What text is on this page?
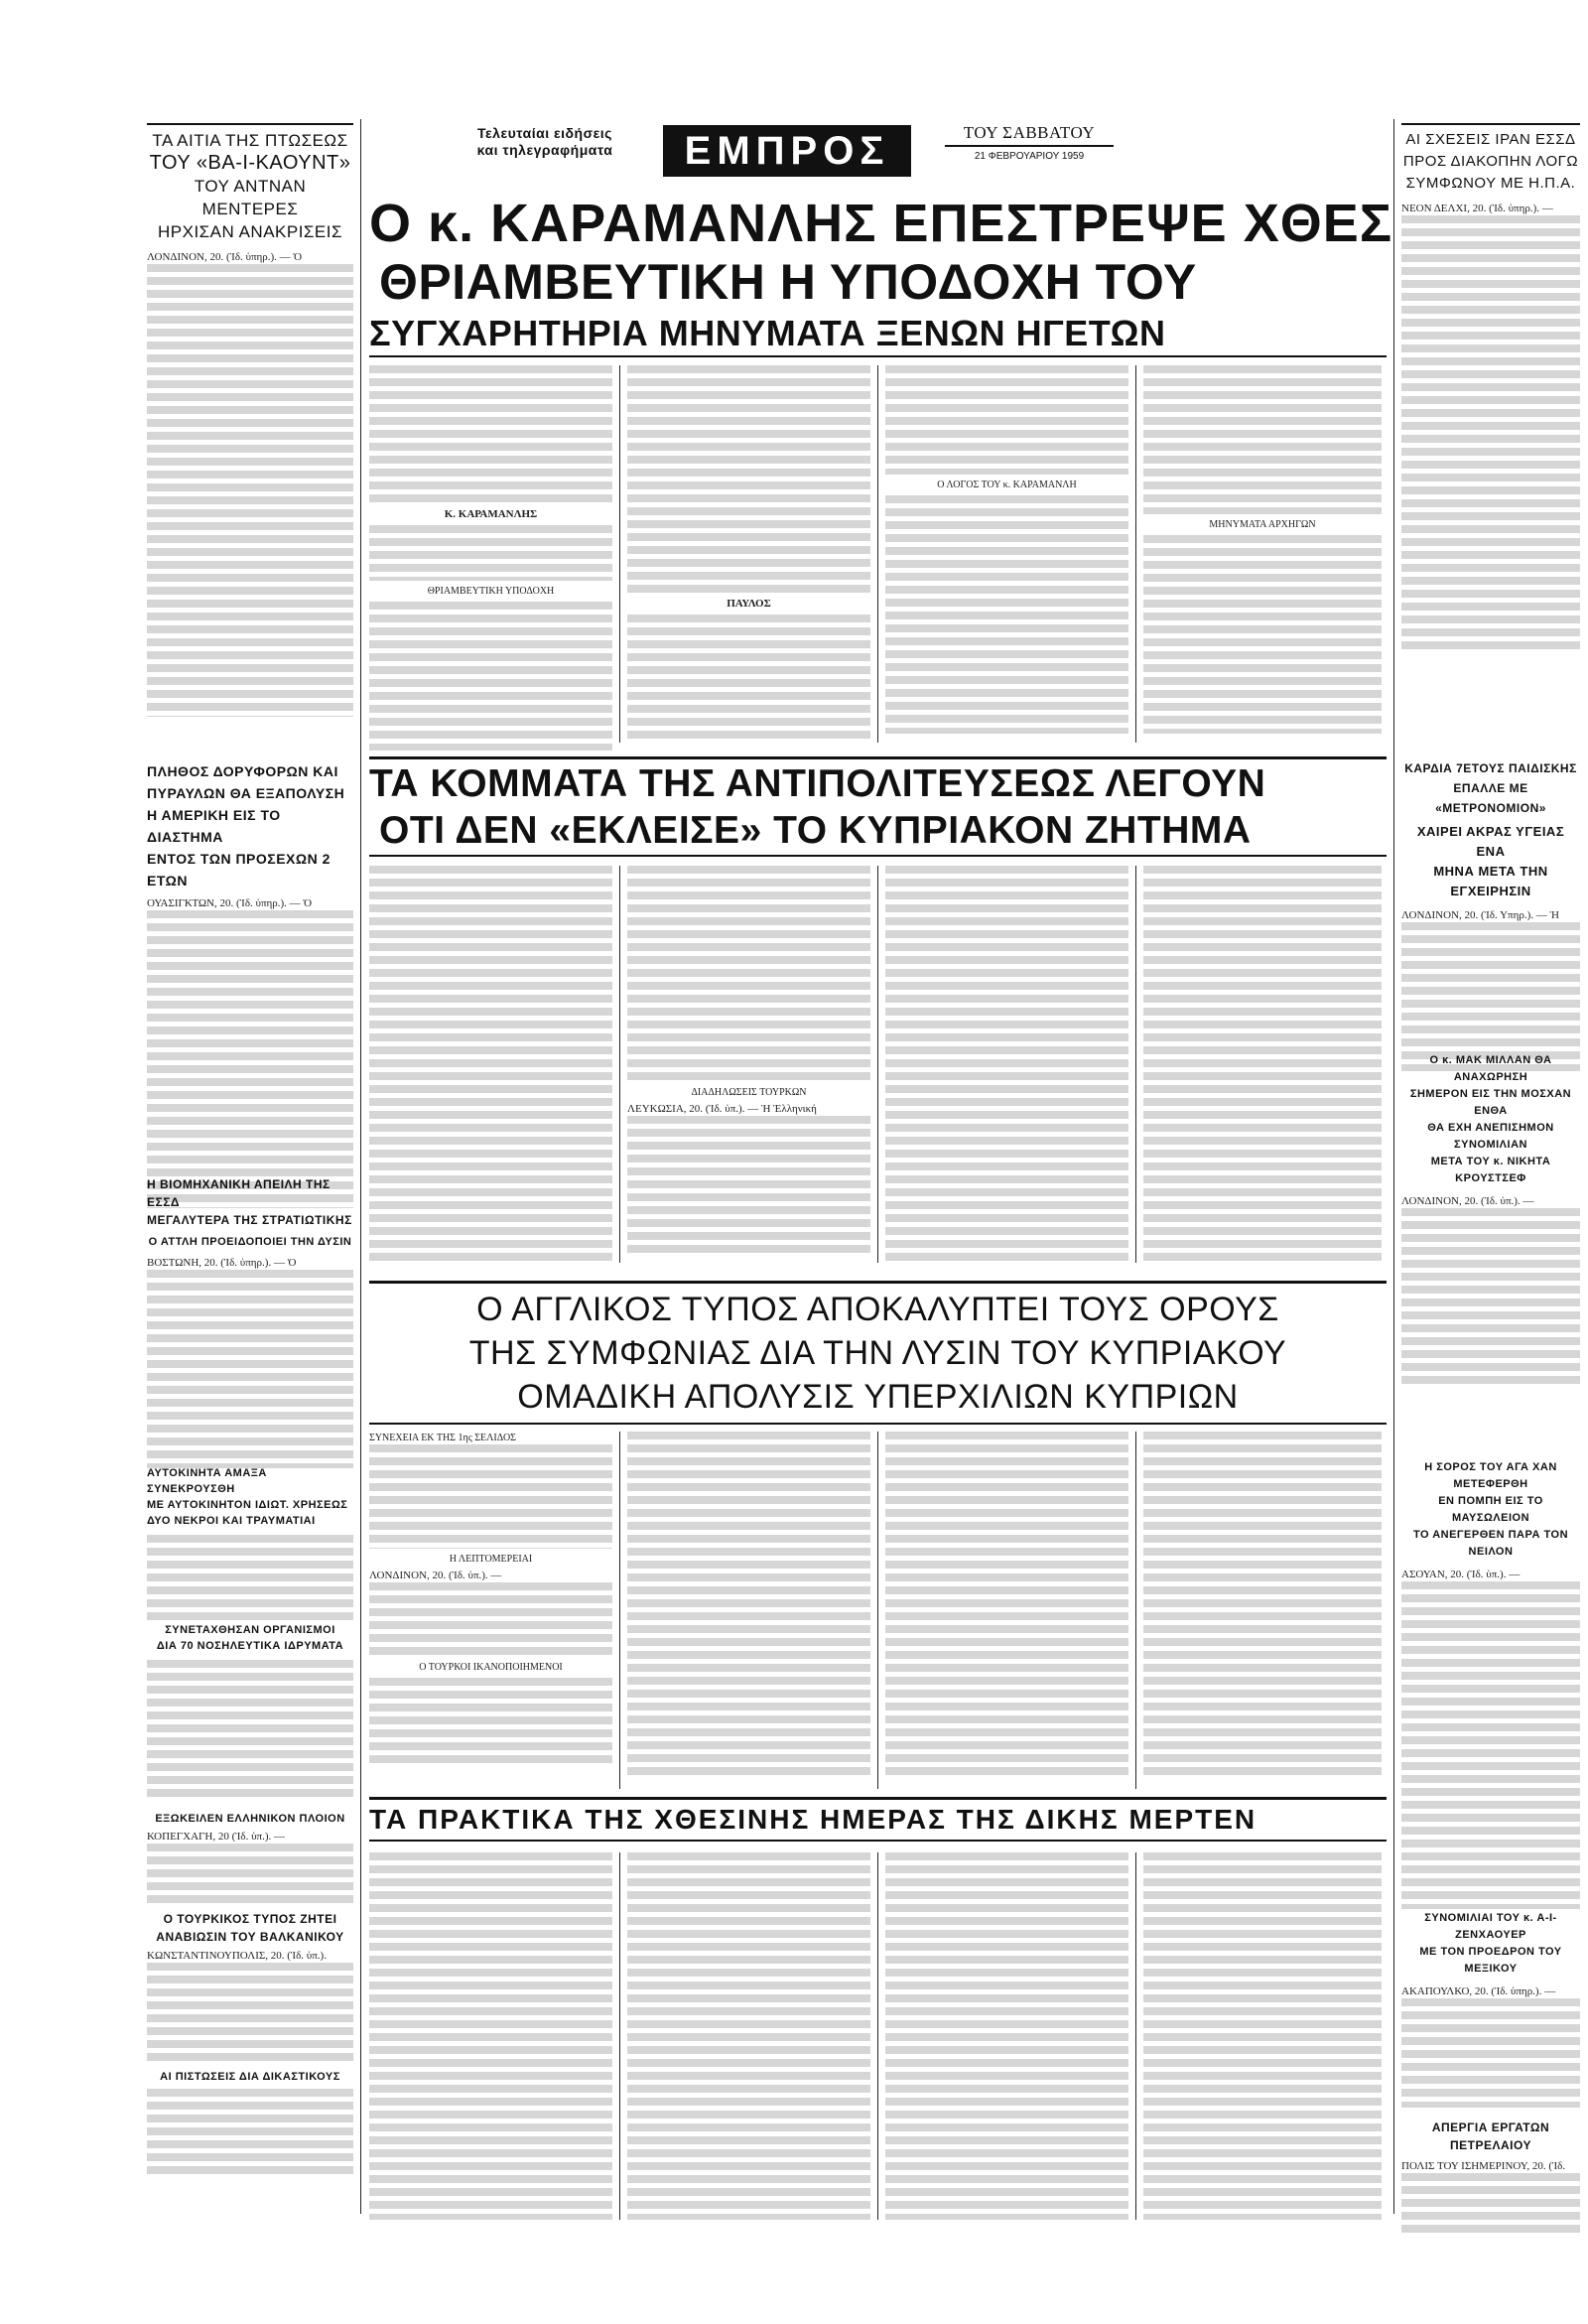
Τελευταίαι ειδήσεις
και τηλεγραφήματα	ΕΜΠΡΟΣ	ΤΟΥ ΣΑΒΒΑΤΟΥ
21 ΦΕΒΡΟΥΑΡΙΟΥ 1959
ΤΑ ΑΙΤΙΑ ΤΗΣ ΠΤΩΣΕΩΣ
ΤΟΥ «ΒΑ-Ι-ΚΑΟΥΝΤ»
ΤΟΥ ΑΝΤΝΑΝ ΜΕΝΤΕΡΕΣ
ΗΡΧΙΣΑΝ ΑΝΑΚΡΙΣΕΙΣ
ΛΟΝΔΙΝΟΝ, 20. (Ἰδ. ὑπηρ.). — Ὁ
ΠΛΗΘΟΣ ΔΟΡΥΦΟΡΩΝ ΚΑΙ
ΠΥΡΑΥΛΩΝ ΘΑ ΕΞΑΠΟΛΥΣΗ
Η ΑΜΕΡΙΚΗ ΕΙΣ ΤΟ ΔΙΑΣΤΗΜΑ
ΕΝΤΟΣ ΤΩΝ ΠΡΟΣΕΧΩΝ 2 ΕΤΩΝ
ΟΥΑΣΙΓΚΤΩΝ, 20. (Ἰδ. ὑπηρ.). — Ὁ
Η ΒΙΟΜΗΧΑΝΙΚΗ ΑΠΕΙΛΗ ΤΗΣ ΕΣΣΔ
ΜΕΓΑΛΥΤΕΡΑ ΤΗΣ ΣΤΡΑΤΙΩΤΙΚΗΣ
Ο ΑΤΤΛΗ ΠΡΟΕΙΔΟΠΟΙΕΙ ΤΗΝ ΔΥΣΙΝ
ΒΟΣΤΩΝΗ, 20. (Ἰδ. ὑπηρ.). — Ὁ
ΑΥΤΟΚΙΝΗΤΑ ΑΜΑΞΑ ΣΥΝΕΚΡΟΥΣΘΗ
ΜΕ ΑΥΤΟΚΙΝΗΤΟΝ ΙΔΙΩΤ. ΧΡΗΣΕΩΣ
ΔΥΟ ΝΕΚΡΟΙ ΚΑΙ ΤΡΑΥΜΑΤΙΑΙ
ΣΥΝΕΤΑΧΘΗΣΑΝ ΟΡΓΑΝΙΣΜΟΙ
ΔΙΑ 70 ΝΟΣΗΛΕΥΤΙΚΑ ΙΔΡΥΜΑΤΑ
ΕΞΩΚΕΙΛΕΝ ΕΛΛΗΝΙΚΟΝ ΠΛΟΙΟΝ
ΚΟΠΕΓΧΑΓΗ, 20 (Ἰδ. ὑπ.). —
Ο ΤΟΥΡΚΙΚΟΣ ΤΥΠΟΣ ΖΗΤΕΙ
ΑΝΑΒΙΩΣΙΝ ΤΟΥ ΒΑΛΚΑΝΙΚΟΥ
ΚΩΝΣΤΑΝΤΙΝΟΥΠΟΛΙΣ, 20. (Ἰδ. ὑπ.).
ΑΙ ΠΙΣΤΩΣΕΙΣ ΔΙΑ ΔΙΚΑΣΤΙΚΟΥΣ
Ο κ. ΚΑΡΑΜΑΝΛΗΣ ΕΠΕΣΤΡΕΨΕ ΧΘΕΣ
ΘΡΙΑΜΒΕΥΤΙΚΗ Η ΥΠΟΔΟΧΗ ΤΟΥ
ΣΥΓΧΑΡΗΤΗΡΙΑ ΜΗΝΥΜΑΤΑ ΞΕΝΩΝ ΗΓΕΤΩΝ
Κ. ΚΑΡΑΜΑΝΛΗΣ
ΘΡΙΑΜΒΕΥΤΙΚΗ ΥΠΟΔΟΧΗ
ΠΑΥΛΟΣ
Ο ΛΟΓΟΣ ΤΟΥ κ. ΚΑΡΑΜΑΝΛΗ
ΜΗΝΥΜΑΤΑ ΑΡΧΗΓΩΝ
ΑΙ ΣΧΕΣΕΙΣ ΙΡΑΝ ΕΣΣΔ
ΠΡΟΣ ΔΙΑΚΟΠΗΝ ΛΟΓΩ
ΣΥΜΦΩΝΟΥ ΜΕ Η.Π.Α.
ΝΕΟΝ ΔΕΛΧΙ, 20. (Ἰδ. ὑπηρ.). —
ΚΑΡΔΙΑ 7ΕΤΟΥΣ ΠΑΙΔΙΣΚΗΣ
ΕΠΑΛΛΕ ΜΕ «ΜΕΤΡΟΝΟΜΙΟΝ»
ΧΑΙΡΕΙ ΑΚΡΑΣ ΥΓΕΙΑΣ ΕΝΑ
ΜΗΝΑ ΜΕΤΑ ΤΗΝ ΕΓΧΕΙΡΗΣΙΝ
ΛΟΝΔΙΝΟΝ, 20. (Ἰδ. Υπηρ.). — Ἡ
Ο κ. ΜΑΚ ΜΙΛΛΑΝ ΘΑ ΑΝΑΧΩΡΗΣΗ
ΣΗΜΕΡΟΝ ΕΙΣ ΤΗΝ ΜΟΣΧΑΝ ΕΝΘΑ
ΘΑ ΕΧΗ ΑΝΕΠΙΣΗΜΟΝ ΣΥΝΟΜΙΛΙΑΝ
ΜΕΤΑ ΤΟΥ κ. ΝΙΚΗΤΑ ΚΡΟΥΣΤΣΕΦ
ΛΟΝΔΙΝΟΝ, 20. (Ἰδ. ὑπ.). —
Η ΣΟΡΟΣ ΤΟΥ ΑΓΑ ΧΑΝ ΜΕΤΕΦΕΡΘΗ
ΕΝ ΠΟΜΠΗ ΕΙΣ ΤΟ ΜΑΥΣΩΛΕΙΟΝ
ΤΟ ΑΝΕΓΕΡΘΕΝ ΠΑΡΑ ΤΟΝ ΝΕΙΛΟΝ
ΑΣΟΥΑΝ, 20. (Ἰδ. ὑπ.). —
ΣΥΝΟΜΙΛΙΑΙ ΤΟΥ κ. Α-Ι-ΖΕΝΧΑΟΥΕΡ
ΜΕ ΤΟΝ ΠΡΟΕΔΡΟΝ ΤΟΥ ΜΕΞΙΚΟΥ
ΑΚΑΠΟΥΛΚΟ, 20. (Ἰδ. ὑπηρ.). —
ΑΠΕΡΓΙΑ ΕΡΓΑΤΩΝ ΠΕΤΡΕΛΑΙΟΥ
ΠΟΛΙΣ ΤΟΥ ΙΣΗΜΕΡΙΝΟΥ, 20. (Ἰδ.
ΤΑ ΚΟΜΜΑΤΑ ΤΗΣ ΑΝΤΙΠΟΛΙΤΕΥΣΕΩΣ ΛΕΓΟΥΝ
ΟΤΙ ΔΕΝ «ΕΚΛΕΙΣΕ» ΤΟ ΚΥΠΡΙΑΚΟΝ ΖΗΤΗΜΑ
ΔΙΑΔΗΛΩΣΕΙΣ ΤΟΥΡΚΩΝ
ΛΕΥΚΩΣΙΑ, 20. (Ἰδ. ὑπ.). — Ἡ Ἑλληνική
Ο ΑΓΓΛΙΚΟΣ ΤΥΠΟΣ ΑΠΟΚΑΛΥΠΤΕΙ ΤΟΥΣ ΟΡΟΥΣ
ΤΗΣ ΣΥΜΦΩΝΙΑΣ ΔΙΑ ΤΗΝ ΛΥΣΙΝ ΤΟΥ ΚΥΠΡΙΑΚΟΥ
ΟΜΑΔΙΚΗ ΑΠΟΛΥΣΙΣ ΥΠΕΡΧΙΛΙΩΝ ΚΥΠΡΙΩΝ
ΣΥΝΕΧΕΙΑ ΕΚ ΤΗΣ 1ης ΣΕΛΙΔΟΣ
Η ΛΕΠΤΟΜΕΡΕΙΑΙ
ΛΟΝΔΙΝΟΝ, 20. (Ἰδ. ὑπ.). —
Ο ΤΟΥΡΚΟΙ ΙΚΑΝΟΠΟΙΗΜΕΝΟΙ
ΤΑ ΠΡΑΚΤΙΚΑ ΤΗΣ ΧΘΕΣΙΝΗΣ ΗΜΕΡΑΣ ΤΗΣ ΔΙΚΗΣ ΜΕΡΤΕΝ
